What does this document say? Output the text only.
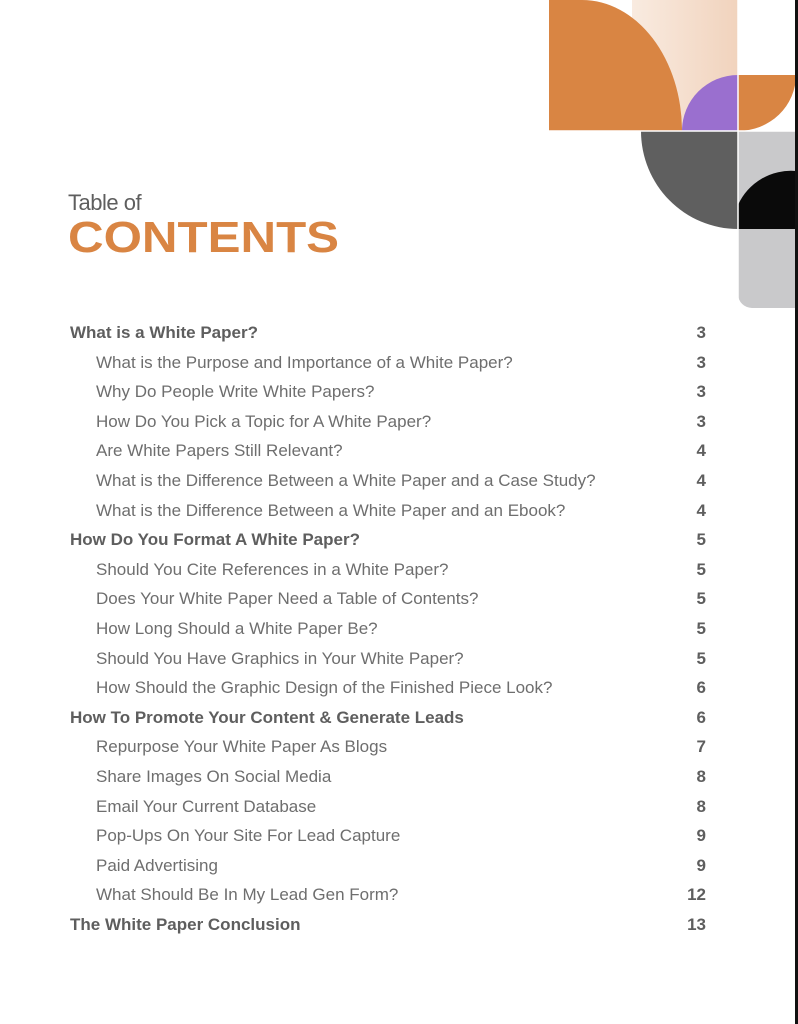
Table of
CONTENTS
What is a White Paper?	3
What is the Purpose and Importance of a White Paper?	3
Why Do People Write White Papers?	3
How Do You Pick a Topic for A White Paper?	3
Are White Papers Still Relevant?	4
What is the Difference Between a White Paper and a Case Study?	4
What is the Difference Between a White Paper and an Ebook?	4
How Do You Format A White Paper?	5
Should You Cite References in a White Paper?	5
Does Your White Paper Need a Table of Contents?	5
How Long Should a White Paper Be?	5
Should You Have Graphics in Your White Paper?	5
How Should the Graphic Design of the Finished Piece Look?	6
How To Promote Your Content & Generate Leads	6
Repurpose Your White Paper As Blogs	7
Share Images On Social Media	8
Email Your Current Database	8
Pop-Ups On Your Site For Lead Capture	9
Paid Advertising	9
What Should Be In My Lead Gen Form?	12
The White Paper Conclusion	13
